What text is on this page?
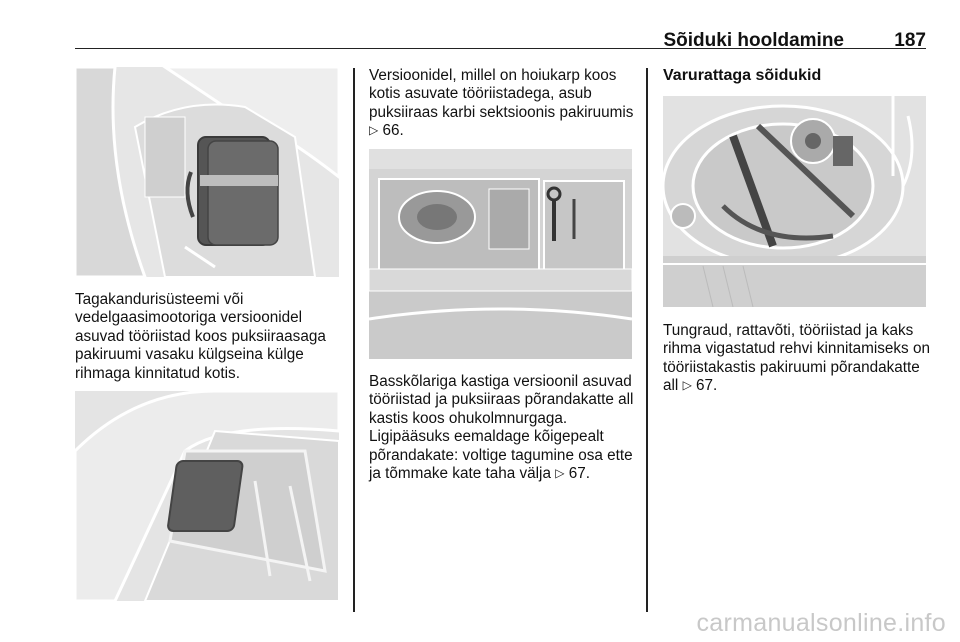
Sõiduki hooldamine	187

Tagakandurisüsteemi või vedelgaasimootoriga versioonidel asuvad tööriistad koos puksiiraasaga pakiruumi vasaku külgseina külge rihmaga kinnitatud kotis.

Versioonidel, millel on hoiukarp koos kotis asuvate tööriistadega, asub puksiiraas karbi sektsioonis pakiruumis ▷ 66.

Basskõlariga kastiga versioonil asuvad tööriistad ja puksiiraas põrandakatte all kastis koos ohukolmnurgaga. Ligipääsuks eemaldage kõigepealt põrandakate: voltige tagumine osa ette ja tõmmake kate taha välja ▷ 67.

Varurattaga sõidukid

Tungraud, rattavõti, tööriistad ja kaks rihma vigastatud rehvi kinnitamiseks on tööriistakastis pakiruumi põrandakatte all ▷ 67.

carmanualsonline.info
